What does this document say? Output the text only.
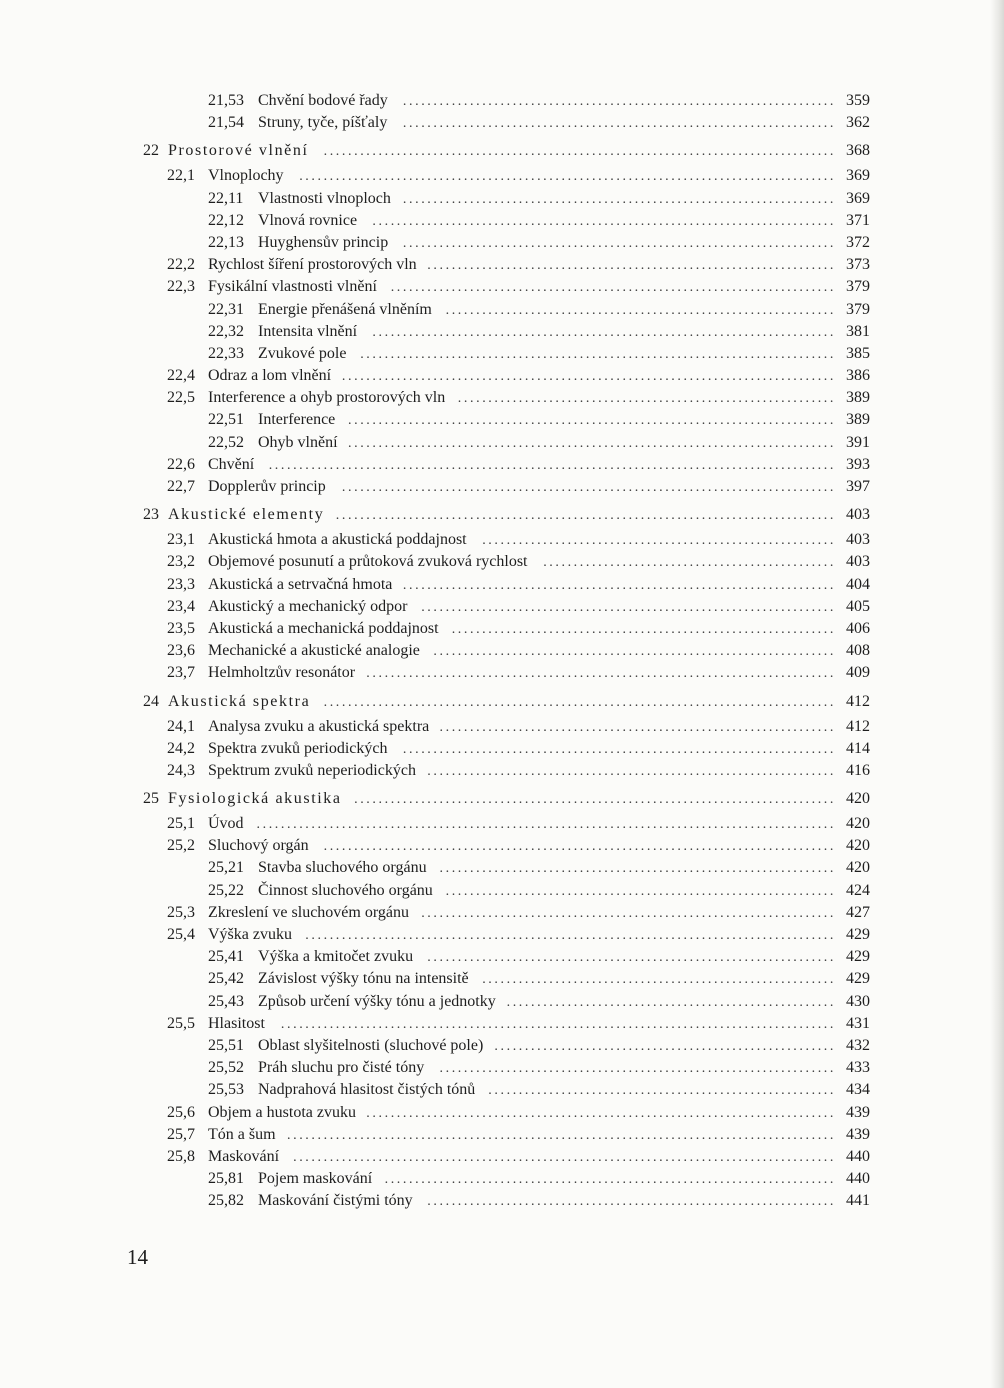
21,53 Chvění bodové řady	....................................................................... 359
21,54 Struny, tyče, píšťaly	....................................................................... 362
22 Prostorové vlnění	.................................................................................... 368
22,1 Vlnoplochy	........................................................................................ 369
22,11 Vlastnosti vlnoploch ....................................................................... 369
22,12 Vlnová rovnice	............................................................................ 371
22,13 Huyghensův princip	....................................................................... 372
22,2 Rychlost šíření prostorových vln ................................................................... 373
22,3 Fysikální vlastnosti vlnění ......................................................................... 379
22,31 Energie přenášená vlněním ................................................................ 379
22,32 Intensita vlnění	............................................................................ 381
22,33 Zvukové pole .............................................................................. 385
22,4 Odraz a lom vlnění ................................................................................. 386
22,5 Interference a ohyb prostorových vln .............................................................. 389
22,51 Interference ................................................................................ 389
22,52 Ohyb vlnění ................................................................................ 391
22,6 Chvění	............................................................................................. 393
22,7 Dopplerův princip	................................................................................. 397
23 Akustické elementy .................................................................................. 403
23,1 Akustická hmota a akustická poddajnost	.......................................................... 403
23,2 Objemové posunutí a průtoková zvuková rychlost	................................................ 403
23,3 Akustická a setrvačná hmota ....................................................................... 404
23,4 Akustický a mechanický odpor .................................................................... 405
23,5 Akustická a mechanická poddajnost ............................................................... 406
23,6 Mechanické a akustické analogie .................................................................. 408
23,7 Helmholtzův resonátor ............................................................................. 409
24 Akustická spektra .................................................................................... 412
24,1 Analysa zvuku a akustická spektra ................................................................. 412
24,2 Spektra zvuků periodických	....................................................................... 414
24,3 Spektrum zvuků neperiodických ................................................................... 416
25 Fysiologická akustika ............................................................................... 420
25,1 Úvod ............................................................................................... 420
25,2 Sluchový orgán	.................................................................................... 420
25,21 Stavba sluchového orgánu ................................................................. 420
25,22 Činnost sluchového orgánu ................................................................ 424
25,3 Zkreslení ve sluchovém orgánu .................................................................... 427
25,4 Výška zvuku ....................................................................................... 429
25,41 Výška a kmitočet zvuku	................................................................... 429
25,42 Závislost výšky tónu na intensitě .......................................................... 429
25,43 Způsob určení výšky tónu a jednotky ...................................................... 430
25,5 Hlasitost	........................................................................................... 431
25,51 Oblast slyšitelnosti (sluchové pole) ........................................................ 432
25,52 Práh sluchu pro čisté tóny	................................................................. 433
25,53 Nadprahová hlasitost čistých tónů ......................................................... 434
25,6 Objem a hustota zvuku ............................................................................. 439
25,7 Tón a šum .......................................................................................... 439
25,8 Maskování ......................................................................................... 440
25,81 Pojem maskování .......................................................................... 440
25,82 Maskování čistými tóny	................................................................... 441
14
